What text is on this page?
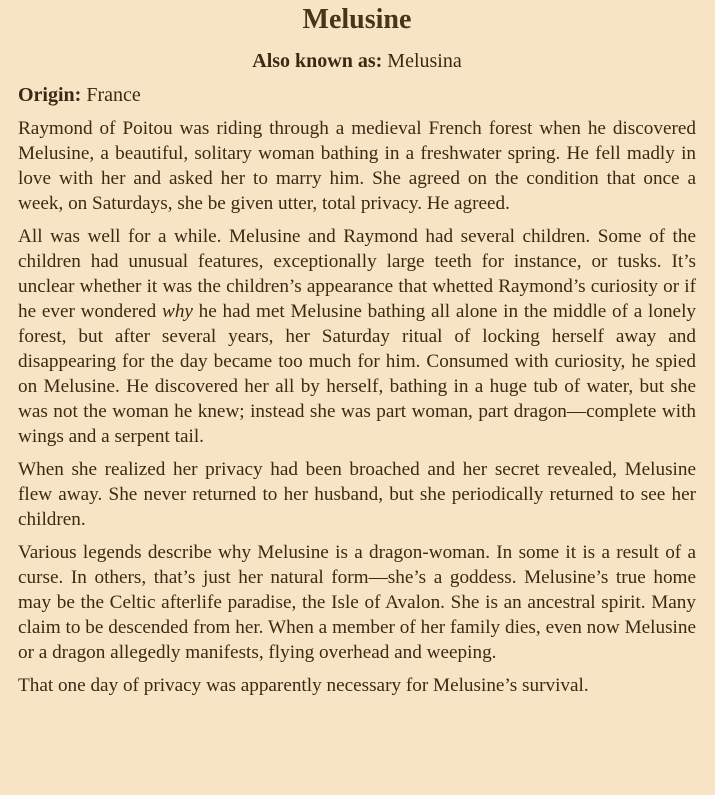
Melusine
Also known as: Melusina
Origin: France

Raymond of Poitou was riding through a medieval French forest when he discovered Melusine, a beautiful, solitary woman bathing in a freshwater spring. He fell madly in love with her and asked her to marry him. She agreed on the condition that once a week, on Saturdays, she be given utter, total privacy. He agreed.

All was well for a while. Melusine and Raymond had several children. Some of the children had unusual features, exceptionally large teeth for instance, or tusks. It’s unclear whether it was the children’s appearance that whetted Raymond’s curiosity or if he ever wondered why he had met Melusine bathing all alone in the middle of a lonely forest, but after several years, her Saturday ritual of locking herself away and disappearing for the day became too much for him. Consumed with curiosity, he spied on Melusine. He discovered her all by herself, bathing in a huge tub of water, but she was not the woman he knew; instead she was part woman, part dragon—complete with wings and a serpent tail.

When she realized her privacy had been broached and her secret revealed, Melusine flew away. She never returned to her husband, but she periodically returned to see her children.

Various legends describe why Melusine is a dragon-woman. In some it is a result of a curse. In others, that’s just her natural form—she’s a goddess. Melusine’s true home may be the Celtic afterlife paradise, the Isle of Avalon. She is an ancestral spirit. Many claim to be descended from her. When a member of her family dies, even now Melusine or a dragon allegedly manifests, flying overhead and weeping.

That one day of privacy was apparently necessary for Melusine’s survival.
